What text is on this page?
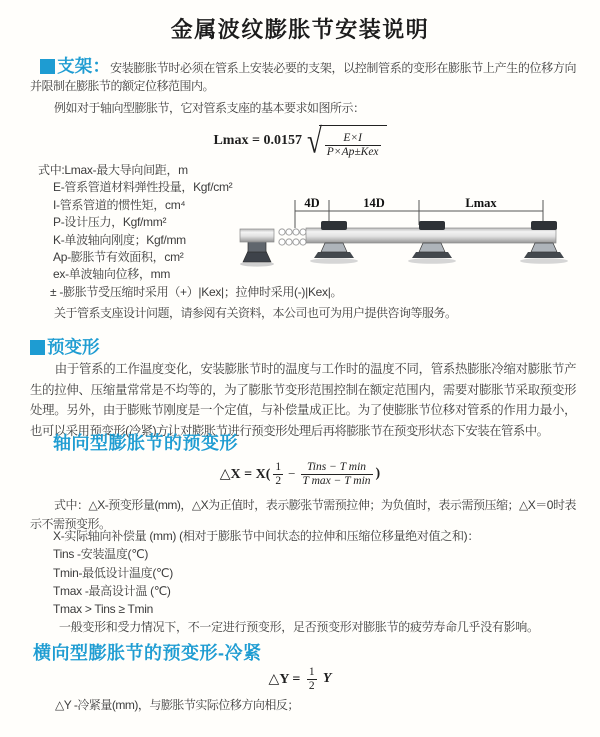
金属波纹膨胀节安装说明

支架：安装膨胀节时必须在管系上安装必要的支架，以控制管系的变形在膨胀节上产生的位移方向并限制在膨胀节的额定位移范围内。

例如对于轴向型膨胀节，它对管系支座的基本要求如图所示：

Lmax = 0.0157 √ $\frac{E\times I}{\text{P×Ap±Kex}}$
式中:Lmax-最大导向间距，m
E-管系管道材料弹性投量，Kgf/cm²
I-管系管道的惯性矩，cm⁴
P-设计压力，Kgf/mm²
K-单波轴向刚度；Kgf/mm
Ap-膨胀节有效面积，cm²
ex-单波轴向位移，mm
± -膨胀节受压缩时采用（+）|Kex|；拉伸时采用(-)|Kex|。
4D	14D	Lmax

关于管系支座设计问题，请参阅有关资料，本公司也可为用户提供咨询等服务。

预变形

由于管系的工作温度变化，安装膨胀节时的温度与工作时的温度不同，管系热膨胀冷缩对膨胀节产生的拉伸、压缩量常常是不均等的，为了膨胀节变形范围控制在额定范围内，需要对膨胀节采取预变形处理。另外，由于膨账节刚度是一个定值，与补偿量成正比。为了使膨胀节位移对管系的作用力最小，也可以采用预变形(冷紧)方让对膨胀节进行预变形处理后再将膨胀节在预变形状态下安装在管系中。

轴向型膨胀节的预变形
△X = $X( \frac{1}{2} - \frac{\text{Tins − T min}}{\text{T max − T min}}$ )

式中：△X-预变形量(mm)，△X为正值时，表示膨张节需预拉伸；为负值时，表示需预压缩；△X＝0时表示不需预变形。

X-实际轴向补偿量 (mm) (相对于膨胀节中间状态的拉伸和压缩位移量绝对值之和)：
Tins -安装温度(℃)
Tmin-最低设计温度(℃)
Tmax -最高设计温 (℃)
Tmax > Tins ≥ Tmin
一般变形和受力情况下，不一定进行预变形，足否预变形对膨胀节的疲劳寿命几乎没有影响。
横向型膨胀节的预变形-冷紧
△Y = $\frac{1}{2}$ Y

△Y -冷紧量(mm)，与膨胀节实际位移方向相反；
